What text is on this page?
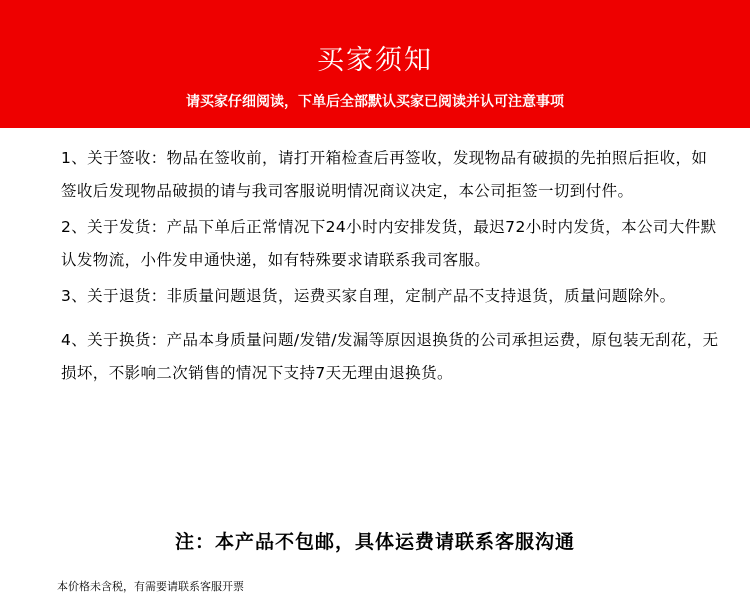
买家须知
请买家仔细阅读，下单后全部默认买家已阅读并认可注意事项

1、关于签收：物品在签收前，请打开箱检查后再签收，发现物品有破损的先拍照后拒收，如签收后发现物品破损的请与我司客服说明情况商议决定，本公司拒签一切到付件。

2、关于发货：产品下单后正常情况下24小时内安排发货，最迟72小时内发货，本公司大件默认发物流，小件发申通快递，如有特殊要求请联系我司客服。

3、关于退货：非质量问题退货，运费买家自理，定制产品不支持退货，质量问题除外。

4、关于换货：产品本身质量问题/发错/发漏等原因退换货的公司承担运费，原包装无刮花，无损坏，不影响二次销售的情况下支持7天无理由退换货。

注：本产品不包邮，具体运费请联系客服沟通
本价格未含税，有需要请联系客服开票
